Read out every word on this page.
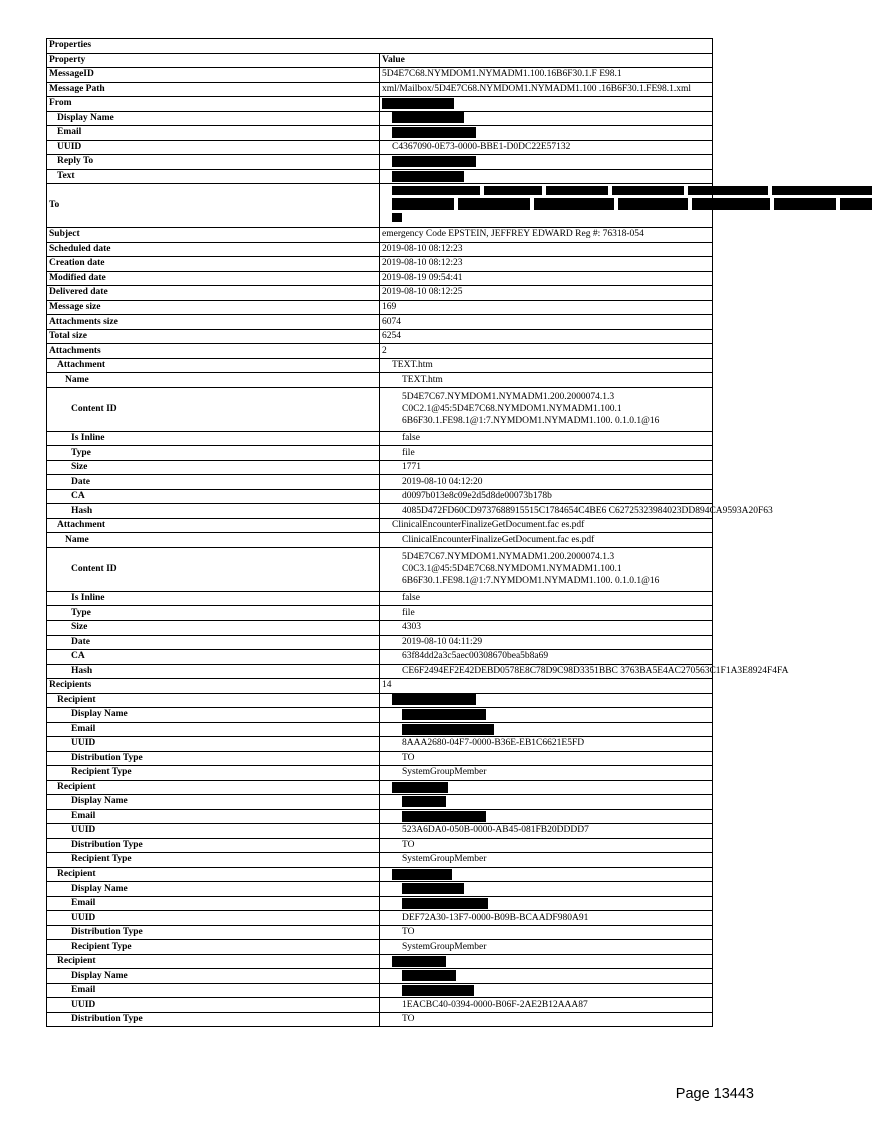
Properties	
Property	Value
MessageID	5D4E7C68.NYMDOM1.NYMADM1.100.16B6F30.1.F E98.1
Message Path	xml/Mailbox/5D4E7C68.NYMDOM1.NYMADM1.100 .16B6F30.1.FE98.1.xml
From	
Display Name	
Email	
UUID	C4367090-0E73-0000-BBE1-D0DC22E57132
Reply To	
Text	
To	

Subject	emergency Code EPSTEIN, JEFFREY EDWARD Reg #: 76318-054
Scheduled date	2019-08-10 08:12:23
Creation date	2019-08-10 08:12:23
Modified date	2019-08-19 09:54:41
Delivered date	2019-08-10 08:12:25
Message size	169
Attachments size	6074
Total size	6254
Attachments	2
Attachment	TEXT.htm
Name	TEXT.htm
Content ID	5D4E7C67.NYMDOM1.NYMADM1.200.2000074.1.3
C0C2.1@45:5D4E7C68.NYMDOM1.NYMADM1.100.1
6B6F30.1.FE98.1@1:7.NYMDOM1.NYMADM1.100. 0.1.0.1@16

Is Inline	false
Type	file
Size	1771
Date	2019-08-10 04:12:20
CA	d0097b013e8c09e2d5d8de00073b178b
Hash	4085D472FD60CD9737688915515C1784654C4BE6 C62725323984023DD894CA9593A20F63
Attachment	ClinicalEncounterFinalizeGetDocument.fac es.pdf
Name	ClinicalEncounterFinalizeGetDocument.fac es.pdf
Content ID	5D4E7C67.NYMDOM1.NYMADM1.200.2000074.1.3
C0C3.1@45:5D4E7C68.NYMDOM1.NYMADM1.100.1
6B6F30.1.FE98.1@1:7.NYMDOM1.NYMADM1.100. 0.1.0.1@16

Is Inline	false
Type	file
Size	4303
Date	2019-08-10 04:11:29
CA	63f84dd2a3c5aec00308670bea5b8a69
Hash	CE6F2494EF2E42DEBD0578E8C78D9C98D3351BBC 3763BA5E4AC270563C1F1A3E8924F4FA
Recipients	14
Recipient	
Display Name	
Email	
UUID	8AAA2680-04F7-0000-B36E-EB1C6621E5FD
Distribution Type	TO
Recipient Type	SystemGroupMember
Recipient	
Display Name	
Email	
UUID	523A6DA0-050B-0000-AB45-081FB20DDDD7
Distribution Type	TO
Recipient Type	SystemGroupMember
Recipient	
Display Name	
Email	
UUID	DEF72A30-13F7-0000-B09B-BCAADF980A91
Distribution Type	TO
Recipient Type	SystemGroupMember
Recipient	
Display Name	
Email	
UUID	1EACBC40-0394-0000-B06F-2AE2B12AAA87
Distribution Type	TO
Page 13443
